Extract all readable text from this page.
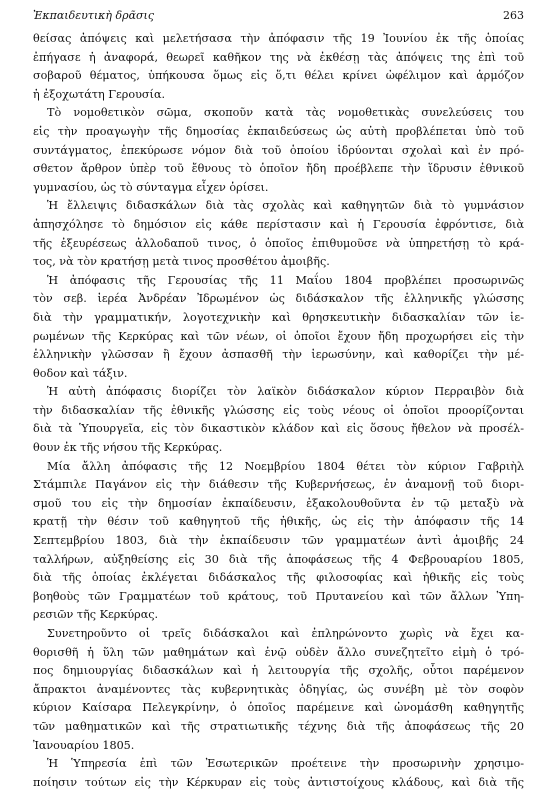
Ἐκπαιδευτικὴ δρᾶσις	263
θείσας ἀπόψεις καὶ μελετήσασα τὴν ἀπόφασιν τῆς 19 Ἰουνίου ἐκ τῆς ὁποίας
ἐπήγασε ἡ ἀναφορά, θεωρεῖ καθῆκον της νὰ ἐκθέσῃ τὰς ἀπόψεις της ἐπὶ τοῦ
σοβαροῦ θέματος, ὑπήκουσα ὅμως εἰς ὅ,τι θέλει κρίνει ὠφέλιμον καὶ ἁρμόζον
ἡ ἐξοχωτάτη Γερουσία.
Τὸ νομοθετικὸν σῶμα, σκοποῦν κατὰ τὰς νομοθετικὰς συνελεύσεις του
εἰς τὴν προαγωγὴν τῆς δημοσίας ἐκπαιδεύσεως ὡς αὐτὴ προβλέπεται ὑπὸ τοῦ
συντάγματος, ἐπεκύρωσε νόμον διὰ τοῦ ὁποίου ἱδρύονται σχολαὶ καὶ ἐν πρό-
σθετον ἄρθρον ὑπὲρ τοῦ ἔθνους τὸ ὁποῖον ἤδη προέβλεπε τὴν ἵδρυσιν ἐθνικοῦ
γυμνασίου, ὡς τὸ σύνταγμα εἶχεν ὁρίσει.
Ἡ ἔλλειψις διδασκάλων διὰ τὰς σχολὰς καὶ καθηγητῶν διὰ τὸ γυμνάσιον
ἀπησχόλησε τὸ δημόσιον εἰς κάθε περίστασιν καὶ ἡ Γερουσία ἐφρόντισε, διὰ
τῆς ἐξευρέσεως ἀλλοδαποῦ τινος, ὁ ὁποῖος ἐπιθυμοῦσε νὰ ὑπηρετήσῃ τὸ κρά-
τος, νὰ τὸν κρατήσῃ μετὰ τινος προσθέτου ἀμοιβῆς.
Ἡ ἀπόφασις τῆς Γερουσίας τῆς 11 Μαΐου 1804 προβλέπει προσωρινῶς
τὸν σεβ. ἱερέα Ἀνδρέαν Ἰδρωμένον ὡς διδάσκαλον τῆς ἑλληνικῆς γλώσσης
διὰ τὴν γραμματικήν, λογοτεχνικὴν καὶ θρησκευτικὴν διδασκαλίαν τῶν ἱε-
ρωμένων τῆς Κερκύρας καὶ τῶν νέων, οἱ ὁποῖοι ἔχουν ἤδη προχωρήσει εἰς τὴν
ἑλληνικὴν γλῶσσαν ἢ ἔχουν ἀσπασθῆ τὴν ἱερωσύνην, καὶ καθορίζει τὴν μέ-
θοδον καὶ τάξιν.
Ἡ αὐτὴ ἀπόφασις διορίζει τὸν λαϊκὸν διδάσκαλον κύριον Περραιβὸν διὰ
τὴν διδασκαλίαν τῆς ἐθνικῆς γλώσσης εἰς τοὺς νέους οἱ ὁποῖοι προορίζονται
διὰ τὰ Ὑπουργεῖα, εἰς τὸν δικαστικὸν κλάδον καὶ εἰς ὅσους ἤθελον νὰ προσέλ-
θουν ἐκ τῆς νήσου τῆς Κερκύρας.
Μία ἄλλη ἀπόφασις τῆς 12 Νοεμβρίου 1804 θέτει τὸν κύριον Γαβριὴλ
Στάμπιλε Παγάνον εἰς τὴν διάθεσιν τῆς Κυβερνήσεως, ἐν ἀναμονῇ τοῦ διορι-
σμοῦ του εἰς τὴν δημοσίαν ἐκπαίδευσιν, ἐξακολουθοῦντα ἐν τῷ μεταξὺ νὰ
κρατῇ τὴν θέσιν τοῦ καθηγητοῦ τῆς ἠθικῆς, ὡς εἰς τὴν ἀπόφασιν τῆς 14
Σεπτεμβρίου 1803, διὰ τὴν ἐκπαίδευσιν τῶν γραμματέων ἀντὶ ἀμοιβῆς 24
ταλλήρων, αὐξηθείσης εἰς 30 διὰ τῆς ἀποφάσεως τῆς 4 Φεβρουαρίου 1805,
διὰ τῆς ὁποίας ἐκλέγεται διδάσκαλος τῆς φιλοσοφίας καὶ ἠθικῆς εἰς τοὺς
βοηθοὺς τῶν Γραμματέων τοῦ κράτους, τοῦ Πρυτανείου καὶ τῶν ἄλλων Ὑπη-
ρεσιῶν τῆς Κερκύρας.
Συνετηροῦντο οἱ τρεῖς διδάσκαλοι καὶ ἐπληρώνοντο χωρὶς νὰ ἔχει κα-
θορισθῆ ἡ ὕλη τῶν μαθημάτων καὶ ἐνῷ οὐδὲν ἄλλο συνεζητεῖτο εἰμὴ ὁ τρό-
πος δημιουργίας διδασκάλων καὶ ἡ λειτουργία τῆς σχολῆς, οὗτοι παρέμενον
ἄπρακτοι ἀναμένοντες τὰς κυβερνητικὰς ὁδηγίας, ὡς συνέβη μὲ τὸν σοφὸν
κύριον Καίσαρα Πελεγκρίνην, ὁ ὁποῖος παρέμεινε καὶ ὠνομάσθη καθηγητῆς
τῶν μαθηματικῶν καὶ τῆς στρατιωτικῆς τέχνης διὰ τῆς ἀποφάσεως τῆς 20
Ἰανουαρίου 1805.
Ἡ Ὑπηρεσία ἐπὶ τῶν Ἐσωτερικῶν προέτεινε τὴν προσωρινὴν χρησιμο-
ποίησιν τούτων εἰς τὴν Κέρκυραν εἰς τοὺς ἀντιστοίχους κλάδους, καὶ διὰ τῆς
